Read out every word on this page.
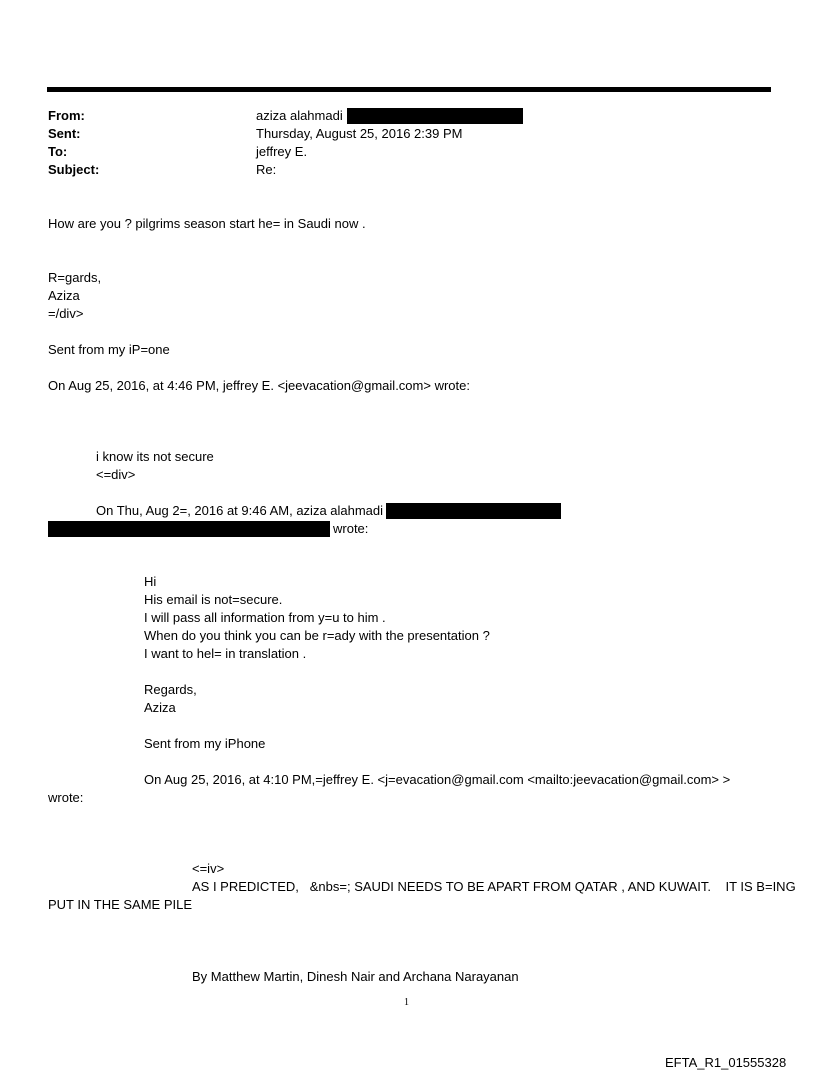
From:	aziza alahmadi
Sent:	Thursday, August 25, 2016 2:39 PM
To:	jeffrey E.
Subject:	Re:
How are you ? pilgrims season start he= in Saudi now .
R=gards,
Aziza
=/div>
Sent from my iP=one
On Aug 25, 2016, at 4:46 PM, jeffrey E. <jeevacation@gmail.com> wrote:
i know its not secure
<=div>
On Thu, Aug 2=, 2016 at 9:46 AM, aziza alahmadi
wrote:
Hi
His email is not=secure.
I will pass all information from y=u to him .
When do you think you can be r=ady with the presentation ?
I want to hel= in translation .
Regards,
Aziza
Sent from my iPhone
On Aug 25, 2016, at 4:10 PM,=jeffrey E. <j=evacation@gmail.com <mailto:jeevacation@gmail.com> >
wrote:
<=iv>
AS I PREDICTED,   &nbs=; SAUDI NEEDS TO BE APART FROM QATAR , AND KUWAIT.    IT IS B=ING
PUT IN THE SAME PILE
By Matthew Martin, Dinesh Nair and Archana Narayanan
1
EFTA_R1_01555328
